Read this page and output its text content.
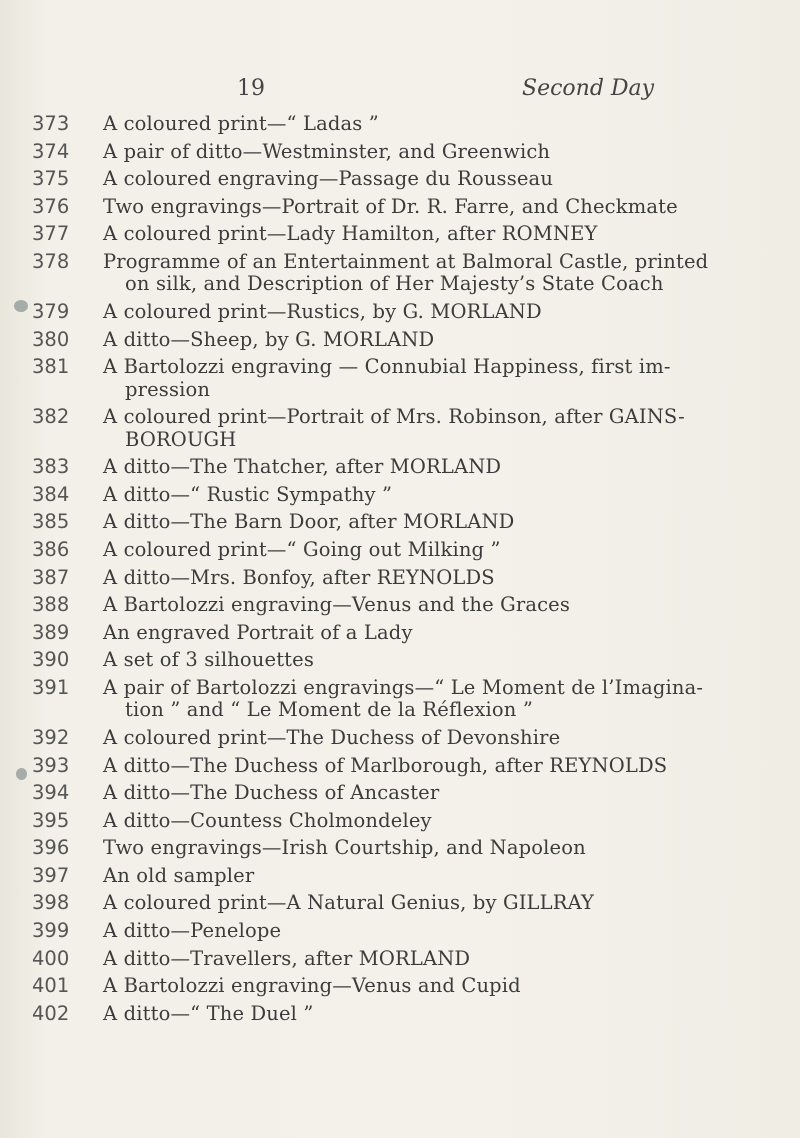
19	Second Day
373	A coloured print—“ Ladas ”
374	A pair of ditto—Westminster, and Greenwich
375	A coloured engraving—Passage du Rousseau
376	Two engravings—Portrait of Dr. R. Farre, and Checkmate
377	A coloured print—Lady Hamilton, after ROMNEY
378	Programme of an Entertainment at Balmoral Castle, printed
on silk, and Description of Her Majesty’s State Coach
379	A coloured print—Rustics, by G. MORLAND
380	A ditto—Sheep, by G. MORLAND
381	A Bartolozzi engraving — Connubial Happiness, first im-
pression
382	A coloured print—Portrait of Mrs. Robinson, after GAINS-
BOROUGH
383	A ditto—The Thatcher, after MORLAND
384	A ditto—“ Rustic Sympathy ”
385	A ditto—The Barn Door, after MORLAND
386	A coloured print—“ Going out Milking ”
387	A ditto—Mrs. Bonfoy, after REYNOLDS
388	A Bartolozzi engraving—Venus and the Graces
389	An engraved Portrait of a Lady
390	A set of 3 silhouettes
391	A pair of Bartolozzi engravings—“ Le Moment de l’Imagina-
tion ” and “ Le Moment de la Réflexion ”
392	A coloured print—The Duchess of Devonshire
393	A ditto—The Duchess of Marlborough, after REYNOLDS
394	A ditto—The Duchess of Ancaster
395	A ditto—Countess Cholmondeley
396	Two engravings—Irish Courtship, and Napoleon
397	An old sampler
398	A coloured print—A Natural Genius, by GILLRAY
399	A ditto—Penelope
400	A ditto—Travellers, after MORLAND
401	A Bartolozzi engraving—Venus and Cupid
402	A ditto—“ The Duel ”
